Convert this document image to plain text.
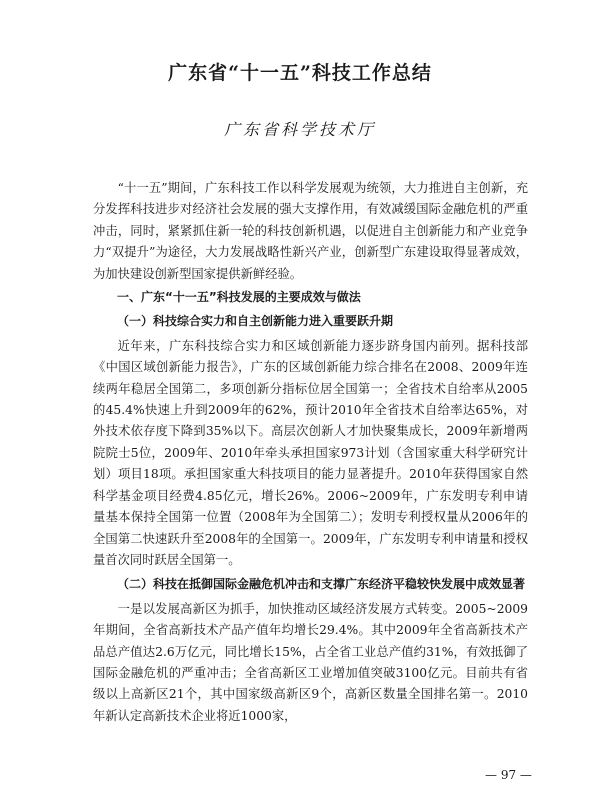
广东省“十一五”科技工作总结
广东省科学技术厅

“十一五”期间，广东科技工作以科学发展观为统领，大力推进自主创新，充分发挥科技进步对经济社会发展的强大支撑作用，有效减缓国际金融危机的严重冲击，同时，紧紧抓住新一轮的科技创新机遇，以促进自主创新能力和产业竞争力“双提升”为途径，大力发展战略性新兴产业，创新型广东建设取得显著成效，为加快建设创新型国家提供新鲜经验。

一、广东“十一五”科技发展的主要成效与做法

（一）科技综合实力和自主创新能力进入重要跃升期

近年来，广东科技综合实力和区域创新能力逐步跻身国内前列。据科技部《中国区域创新能力报告》，广东的区域创新能力综合排名在2008、2009年连续两年稳居全国第二，多项创新分指标位居全国第一；全省技术自给率从2005的45.4%快速上升到2009年的62%，预计2010年全省技术自给率达65%，对外技术依存度下降到35%以下。高层次创新人才加快聚集成长，2009年新增两院院士5位，2009年、2010年牵头承担国家973计划（含国家重大科学研究计划）项目18项。承担国家重大科技项目的能力显著提升。2010年获得国家自然科学基金项目经费4.85亿元，增长26%。2006~2009年，广东发明专利申请量基本保持全国第一位置（2008年为全国第二）；发明专利授权量从2006年的全国第二快速跃升至2008年的全国第一。2009年，广东发明专利申请量和授权量首次同时跃居全国第一。

（二）科技在抵御国际金融危机冲击和支撑广东经济平稳较快发展中成效显著

一是以发展高新区为抓手，加快推动区域经济发展方式转变。2005~2009年期间，全省高新技术产品产值年均增长29.4%。其中2009年全省高新技术产品总产值达2.6万亿元，同比增长15%，占全省工业总产值约31%，有效抵御了国际金融危机的严重冲击；全省高新区工业增加值突破3100亿元。目前共有省级以上高新区21个，其中国家级高新区9个，高新区数量全国排名第一。2010年新认定高新技术企业将近1000家，

— 97 —
